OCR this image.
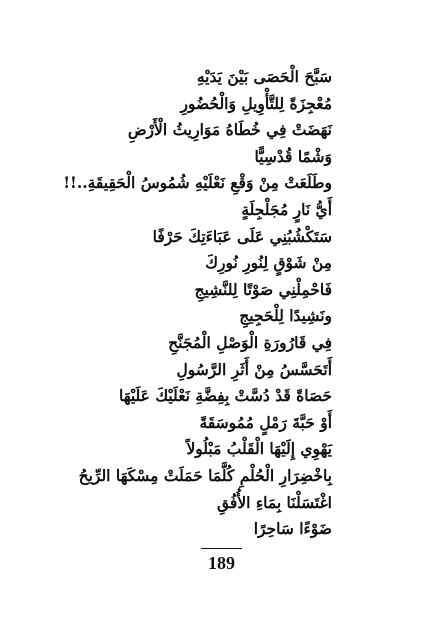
سَبَّحَ الْحَصَى بَيْنَ يَدَيْهِ
مُعْجِزَةً لِلتَّأْوِيلِ وَالْحُضُورِ
نَهَضَتْ فِي خُطَاهُ مَوَارِيثُ الْأَرْضِ
وَشْمًا قُدْسِيًّا
وطَلَعَتْ مِنْ وَقْعِ نَعْلَيْهِ شُمُوسُ الْحَقِيقَةِ..!!
أَيُّ نَارٍ مُجَلْجِلَةٍ
سَتَكْشُبُنِي عَلَى عَبَاءَتِكَ حَرْفًا
مِنْ شَوْقٍ لِنُورِ نُورِكَ
فَاحْمِلْنِي صَوْتًا لِلنَّشِيجِ
ونَشِيدًا لِلْحَجِيجِ
فِي قَارُورَةِ الْوَصْلِ الْمُجَنَّحِ
أَتَحَسَّسُ مِنْ أَثَرِ الرَّسُولِ
حَصَاةً قَدْ دُسَّتْ بِفِضَّةِ نَعْلَيْكَ عَلَيْهَا
أَوْ حَبَّةَ رَمْلٍ مُمُوسَقَةً
يَهْوِي إِلَيْهَا الْقَلْبُ مَبْلُولاً
بِاخْضِرَارِ الْحُلْمِ كُلَّمَا حَمَلَتْ مِسْكَهَا الرِّيحُ
اغْتَسَلْنَا بِمَاءِ الأُفُقِ
ضَوْءًا سَاحِرًا
189
